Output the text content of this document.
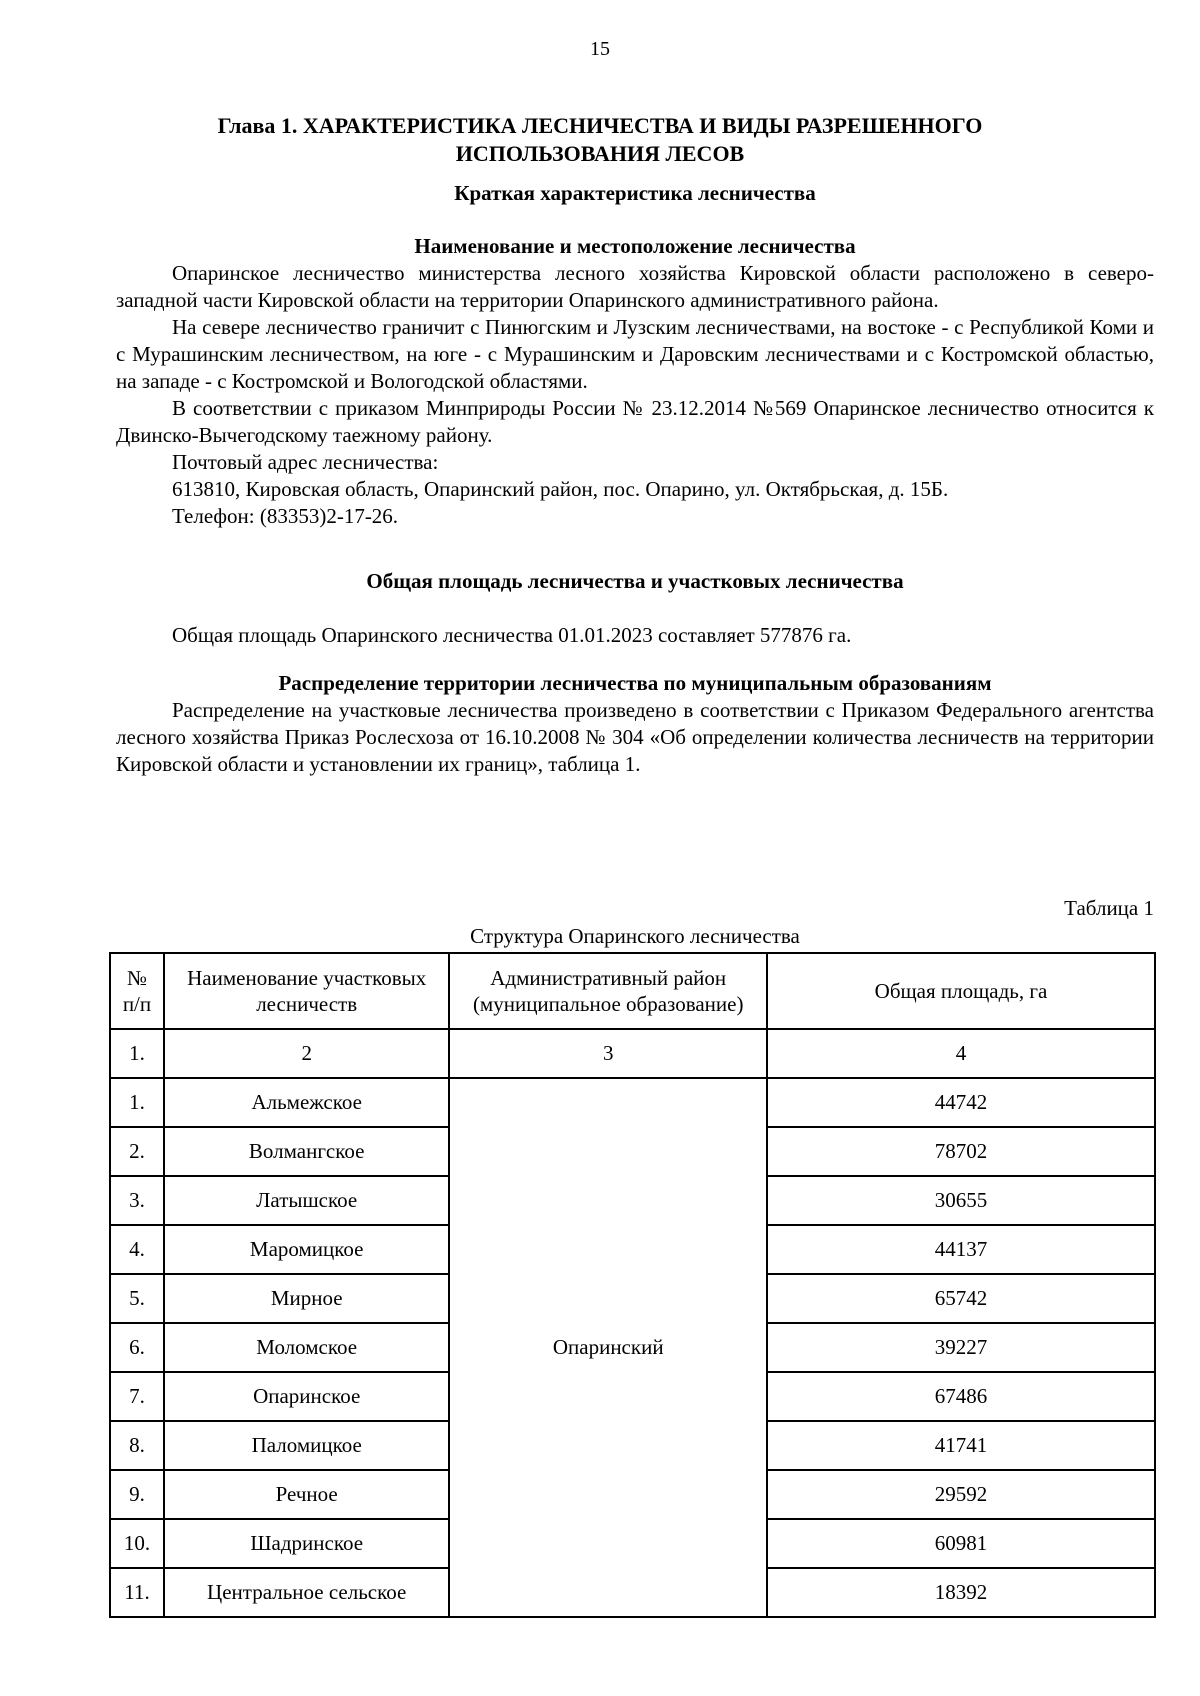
15
Глава 1. ХАРАКТЕРИСТИКА ЛЕСНИЧЕСТВА И ВИДЫ РАЗРЕШЕННОГО
ИСПОЛЬЗОВАНИЯ ЛЕСОВ
Краткая характеристика лесничества
Наименование и местоположение лесничества

Опаринское лесничество министерства лесного хозяйства Кировской области расположено в северо-западной части Кировской области на территории Опаринского административного района.

На севере лесничество граничит с Пинюгским и Лузским лесничествами, на востоке - с Республикой Коми и с Мурашинским лесничеством, на юге - с Мурашинским и Даровским лесничествами и с Костромской областью, на западе - с Костромской и Вологодской областями.

В соответствии с приказом Минприроды России № 23.12.2014 №569 Опаринское лесничество относится к Двинско-Вычегодскому таежному району.

Почтовый адрес лесничества:

613810, Кировская область, Опаринский район, пос. Опарино, ул. Октябрьская, д. 15Б.

Телефон: (83353)2-17-26.

Общая площадь лесничества и участковых лесничества

Общая площадь Опаринского лесничества 01.01.2023 составляет 577876 га.

Распределение территории лесничества по муниципальным образованиям

Распределение на участковые лесничества произведено в соответствии с Приказом Федерального агентства лесного хозяйства Приказ Рослесхоза от 16.10.2008 № 304 «Об определении количества лесничеств на территории Кировской области и установлении их границ», таблица 1.

Таблица 1
Структура Опаринского лесничества
№ п/п	Наименование участковых лесничеств	Административный район (муниципальное образование)	Общая площадь, га
1.	2	3	4
1.	Альмежское	Опаринский	44742
2.	Волмангское		78702
3.	Латышское		30655
4.	Маромицкое		44137
5.	Мирное		65742
6.	Моломское		39227
7.	Опаринское		67486
8.	Паломицкое		41741
9.	Речное		29592
10.	Шадринское		60981
11.	Центральное сельское		18392
